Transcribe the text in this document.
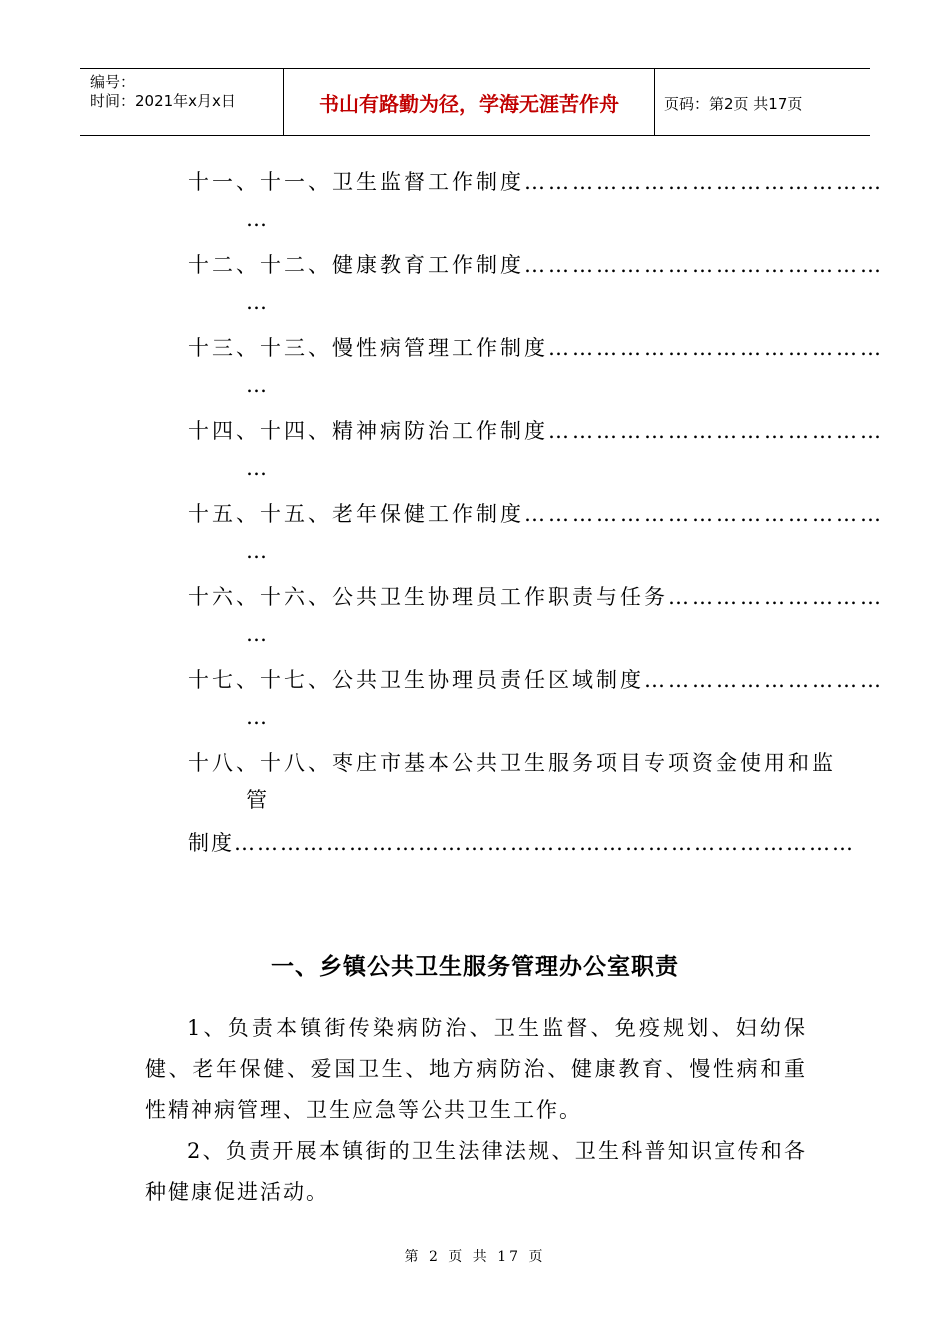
编号：
时间：2021年x月x日	书山有路勤为径，学海无涯苦作舟	页码：第2页 共17页
十一、十一、卫生监督工作制度………………………………………
…
十二、十二、健康教育工作制度………………………………………
…
十三、十三、慢性病管理工作制度……………………………………
…
十四、十四、精神病防治工作制度……………………………………
…
十五、十五、老年保健工作制度………………………………………
…
十六、十六、公共卫生协理员工作职责与任务………………………
…
十七、十七、公共卫生协理员责任区域制度…………………………
…
十八、十八、枣庄市基本公共卫生服务项目专项资金使用和监
管
制度………………………………………………………………………
一、乡镇公共卫生服务管理办公室职责

1、负责本镇街传染病防治、卫生监督、免疫规划、妇幼保健、老年保健、爱国卫生、地方病防治、健康教育、慢性病和重性精神病管理、卫生应急等公共卫生工作。

2、负责开展本镇街的卫生法律法规、卫生科普知识宣传和各种健康促进活动。

第 2 页 共 17 页
